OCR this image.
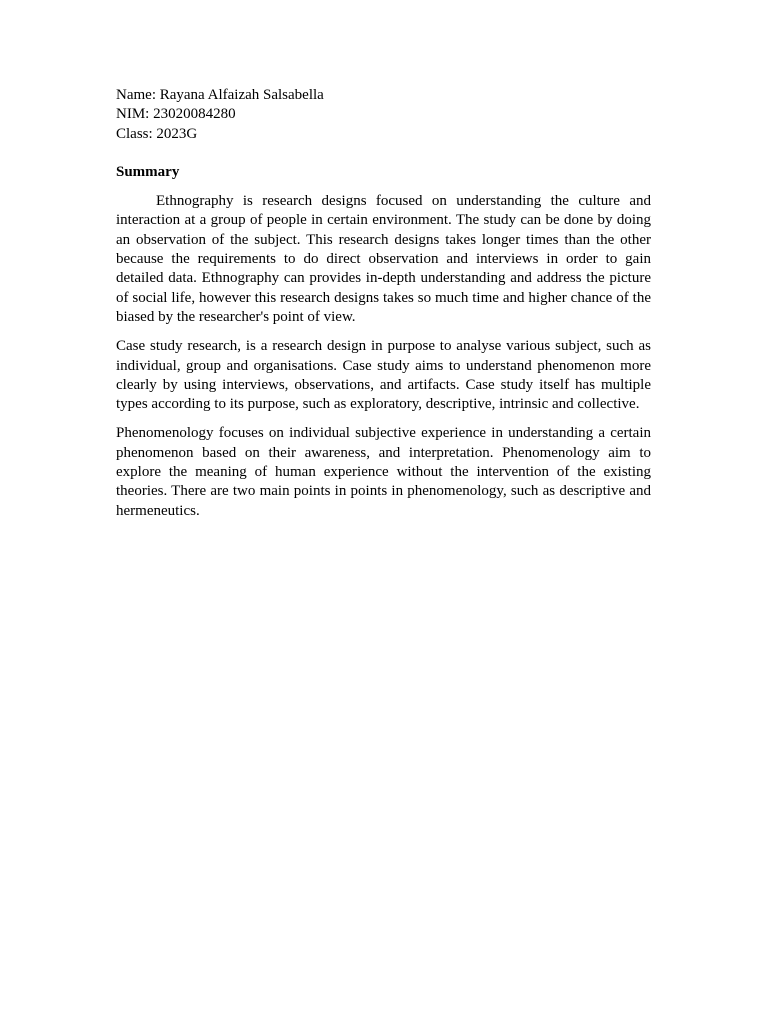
Name: Rayana Alfaizah Salsabella
NIM: 23020084280
Class: 2023G
Summary

Ethnography is research designs focused on understanding the culture and interaction at a group of people in certain environment. The study can be done by doing an observation of the subject. This research designs takes longer times than the other because the requirements to do direct observation and interviews in order to gain detailed data. Ethnography can provides in-depth understanding and address the picture of social life, however this research designs takes so much time and higher chance of the biased by the researcher's point of view.

Case study research, is a research design in purpose to analyse various subject, such as individual, group and organisations. Case study aims to understand phenomenon more clearly by using interviews, observations, and artifacts. Case study itself has multiple types according to its purpose, such as exploratory, descriptive, intrinsic and collective.

Phenomenology focuses on individual subjective experience in understanding a certain phenomenon based on their awareness, and interpretation. Phenomenology aim to explore the meaning of human experience without the intervention of the existing theories. There are two main points in points in phenomenology, such as descriptive and hermeneutics.
